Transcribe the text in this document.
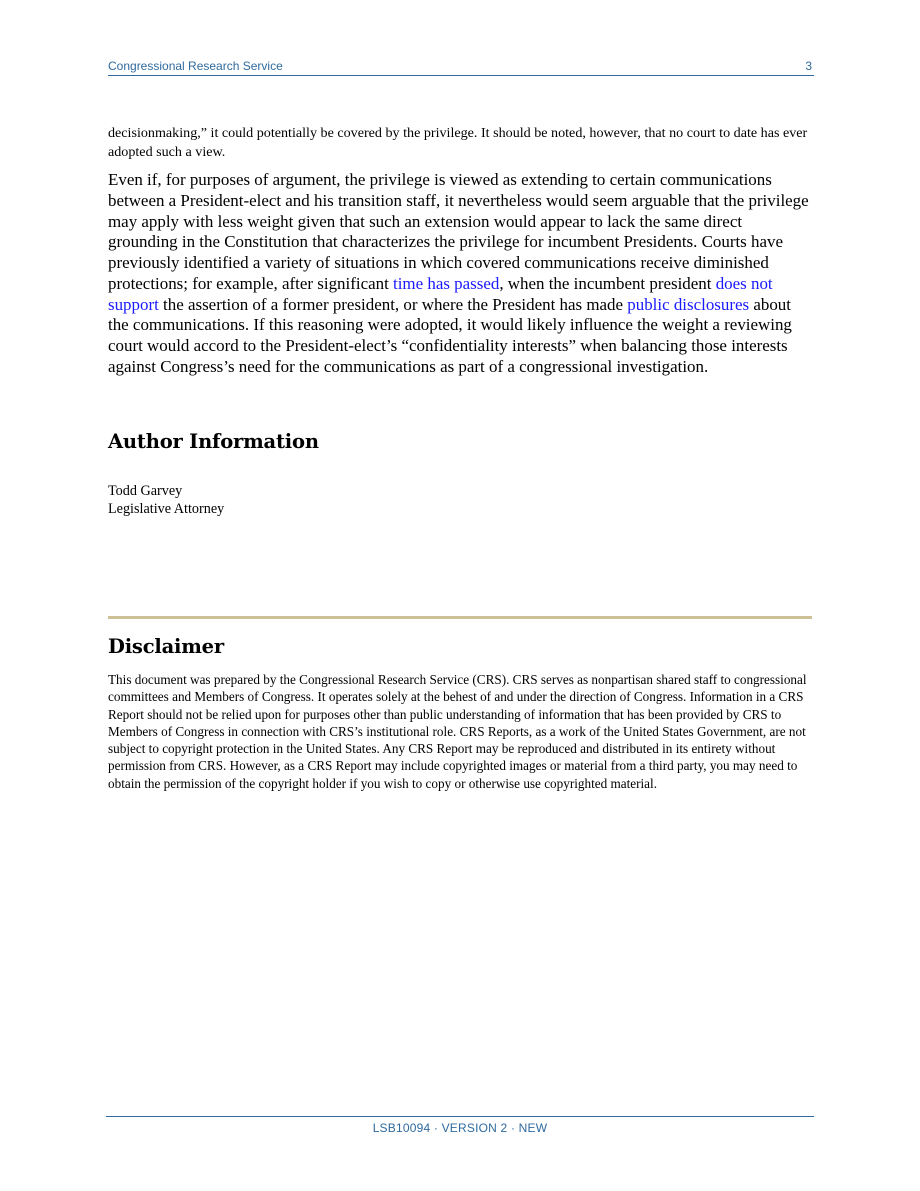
Congressional Research Service	3

decisionmaking,” it could potentially be covered by the privilege. It should be noted, however, that no court to date has ever adopted such a view.

Even if, for purposes of argument, the privilege is viewed as extending to certain communications between a President-elect and his transition staff, it nevertheless would seem arguable that the privilege may apply with less weight given that such an extension would appear to lack the same direct grounding in the Constitution that characterizes the privilege for incumbent Presidents. Courts have previously identified a variety of situations in which covered communications receive diminished protections; for example, after significant time has passed, when the incumbent president does not support the assertion of a former president, or where the President has made public disclosures about the communications. If this reasoning were adopted, it would likely influence the weight a reviewing court would accord to the President-elect’s “confidentiality interests” when balancing those interests against Congress’s need for the communications as part of a congressional investigation.

Author Information
Todd Garvey
Legislative Attorney
Disclaimer

This document was prepared by the Congressional Research Service (CRS). CRS serves as nonpartisan shared staff to congressional committees and Members of Congress. It operates solely at the behest of and under the direction of Congress. Information in a CRS Report should not be relied upon for purposes other than public understanding of information that has been provided by CRS to Members of Congress in connection with CRS’s institutional role. CRS Reports, as a work of the United States Government, are not subject to copyright protection in the United States. Any CRS Report may be reproduced and distributed in its entirety without permission from CRS. However, as a CRS Report may include copyrighted images or material from a third party, you may need to obtain the permission of the copyright holder if you wish to copy or otherwise use copyrighted material.

LSB10094 · VERSION 2 · NEW
